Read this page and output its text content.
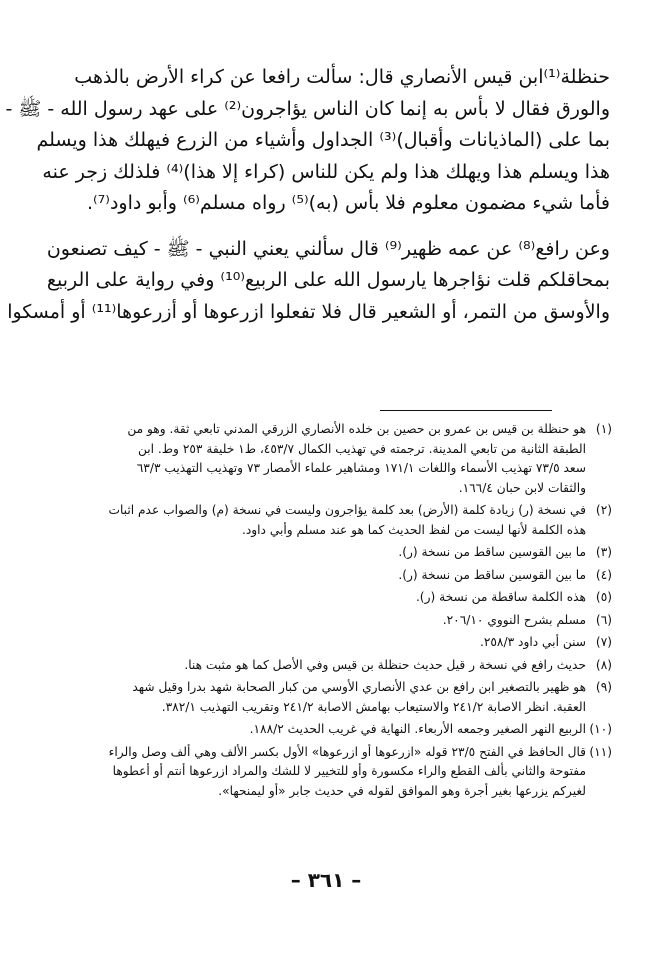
حنظلة⁽¹⁾ابن قيس الأنصاري قال: سألت رافعا عن كراء الأرض بالذهب
والورق فقال لا بأس به إنما كان الناس يؤاجرون⁽²⁾ على عهد رسول الله - ﷺ -
بما على (الماذيانات وأقبال)⁽³⁾ الجداول وأشياء من الزرع فيهلك هذا ويسلم
هذا ويسلم هذا ويهلك هذا ولم يكن للناس (كراء إلا هذا)⁽⁴⁾ فلذلك زجر عنه
فأما شيء مضمون معلوم فلا بأس (به)⁽⁵⁾ رواه مسلم⁽⁶⁾ وأبو داود⁽⁷⁾.

وعن رافع⁽⁸⁾ عن عمه ظهير⁽⁹⁾ قال سألني يعني النبي - ﷺ - كيف تصنعون
بمحاقلكم قلت نؤاجرها يارسول الله على الربيع⁽¹⁰⁾ وفي رواية على الربيع
والأوسق من التمر، أو الشعير قال فلا تفعلوا ازرعوها أو أزرعوها⁽¹¹⁾ أو أمسكوا

(١)
هو حنظلة بن قيس بن عمرو بن حصين بن خلده الأنصاري الزرقي المدني تابعي ثقة. وهو من
الطبقة الثانية من تابعي المدينة. ترجمته في تهذيب الكمال ٤٥٣/٧، ط١ خليفة ٢٥٣ وط. ابن
سعد ٧٣/٥ تهذيب الأسماء واللغات ١٧١/١ ومشاهير علماء الأمصار ٧٣ وتهذيب التهذيب ٦٣/٣
والثقات لابن حبان ١٦٦/٤.
(٢)
في نسخة (ر) زيادة كلمة (الأرض) بعد كلمة يؤاجرون وليست في نسخة (م) والصواب عدم اثبات
هذه الكلمة لأنها ليست من لفظ الحديث كما هو عند مسلم وأبي داود.
(٣)
ما بين القوسين ساقط من نسخة (ر).
(٤)
ما بين القوسين ساقط من نسخة (ر).
(٥)
هذه الكلمة ساقطة من نسخة (ر).
(٦)
مسلم بشرح النووي ٢٠٦/١٠.
(٧)
سنن أبي داود ٢٥٨/٣.
(٨)
حديث رافع في نسخة ر قيل حديث حنظلة بن قيس وفي الأصل كما هو مثبت هنا.
(٩)
هو ظهير بالتصغير ابن رافع بن عدي الأنصاري الأوسي من كبار الصحابة شهد بدرا وقيل شهد
العقبة. انظر الاصابة ٢٤١/٢ والاستيعاب بهامش الاصابة ٢٤١/٢ وتقريب التهذيب ٣٨٢/١.
(١٠)
الربيع النهر الصغير وجمعه الأربعاء. النهاية في غريب الحديث ١٨٨/٢.
(١١)
قال الحافظ في الفتح ٢٣/٥ قوله «ازرعوها أو ازرعوها» الأول بكسر الألف وهي ألف وصل والراء
مفتوحة والثاني بألف القطع والراء مكسورة وأو للتخيير لا للشك والمراد ازرعوها أنتم أو أعطوها
لغيركم يزرعها بغير أجرة وهو الموافق لقوله في حديث جابر «أو ليمنحها».
– ٣٦١ –
